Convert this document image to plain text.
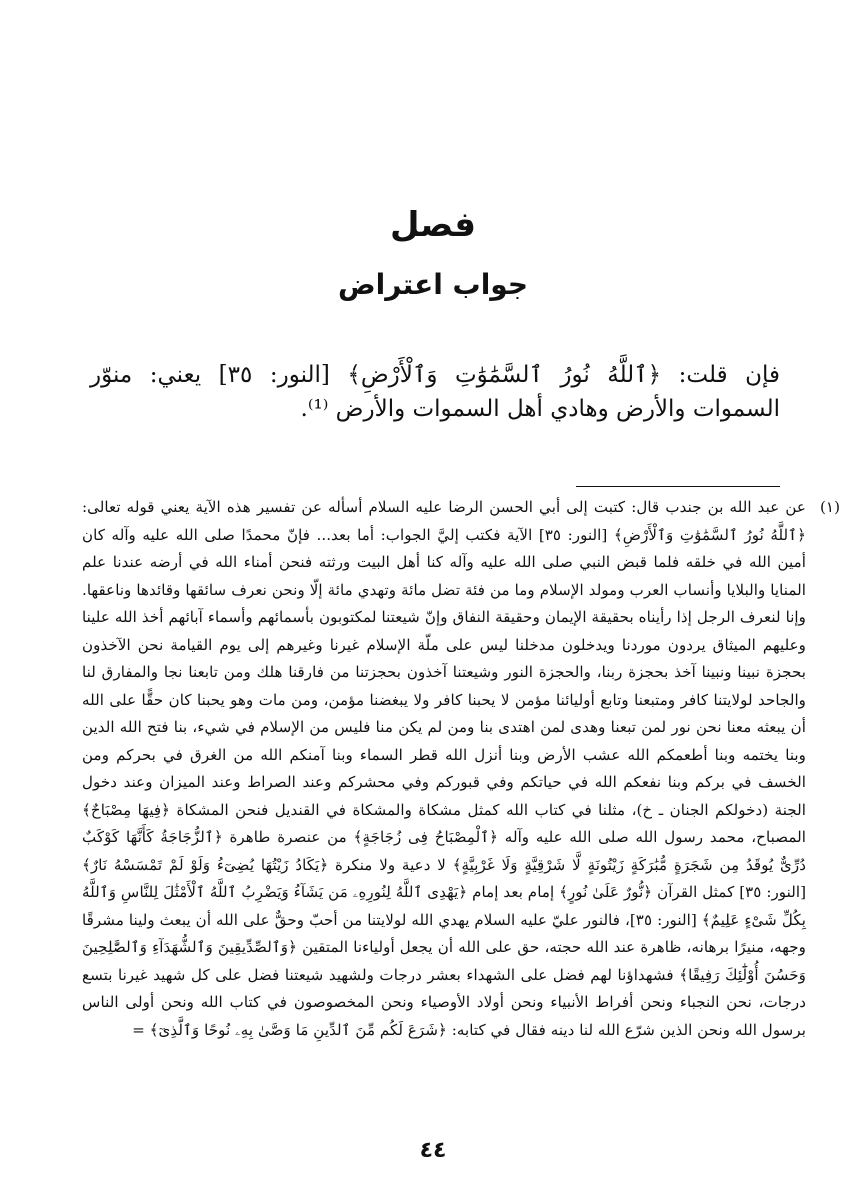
فصل
جواب اعتراض

فإن قلت: ﴿ٱللَّهُ نُورُ ٱلسَّمَٰوَٰتِ وَٱلْأَرْضِ﴾ [النور: ٣٥] يعني: منوّر السموات والأرض وهادي أهل السموات والأرض ⁽¹⁾.

(١)
عن عبد الله بن جندب قال: كتبت إلى أبي الحسن الرضا عليه السلام أسأله عن تفسير هذه الآية يعني قوله تعالى: ﴿ٱللَّهُ نُورُ ٱلسَّمَٰوَٰتِ وَٱلْأَرْضِ﴾ [النور: ٣٥] الآية فكتب إليَّ الجواب: أما بعد... فإنّ محمدًا صلى الله عليه وآله كان أمين الله في خلقه فلما قبض النبي صلى الله عليه وآله كنا أهل البيت ورثته فنحن أمناء الله في أرضه عندنا علم المنايا والبلايا وأنساب العرب ومولد الإسلام وما من فئة تضل مائة وتهدي مائة إلّا ونحن نعرف سائقها وقائدها وناعقها. وإنا لنعرف الرجل إذا رأيناه بحقيقة الإيمان وحقيقة النفاق وإنّ شيعتنا لمكتوبون بأسمائهم وأسماء آبائهم أخذ الله علينا وعليهم الميثاق يردون موردنا ويدخلون مدخلنا ليس على ملّة الإسلام غيرنا وغيرهم إلى يوم القيامة نحن الآخذون بحجزة نبينا ونبينا آخذ بحجزة ربنا، والحجزة النور وشيعتنا آخذون بحجزتنا من فارقنا هلك ومن تابعنا نجا والمفارق لنا والجاحد لولايتنا كافر ومتبعنا وتابع أوليائنا مؤمن لا يحبنا كافر ولا يبغضنا مؤمن، ومن مات وهو يحبنا كان حقًّا على الله أن يبعثه معنا نحن نور لمن تبعنا وهدى لمن اهتدى بنا ومن لم يكن منا فليس من الإسلام في شيء، بنا فتح الله الدين وبنا يختمه وبنا أطعمكم الله عشب الأرض وبنا أنزل الله قطر السماء وبنا آمنكم الله من الغرق في بحركم ومن الخسف في بركم وبنا نفعكم الله في حياتكم وفي قبوركم وفي محشركم وعند الصراط وعند الميزان وعند دخول الجنة (دخولكم الجنان ـ خ)، مثلنا في كتاب الله كمثل مشكاة والمشكاة في القنديل فنحن المشكاة ﴿فِيهَا مِصْبَاحٌ﴾ المصباح، محمد رسول الله صلى الله عليه وآله ﴿ٱلْمِصْبَاحُ فِى زُجَاجَةٍ﴾ من عنصرة طاهرة ﴿ٱلزُّجَاجَةُ كَأَنَّهَا كَوْكَبٌ دُرِّىٌّ يُوقَدُ مِن شَجَرَةٍ مُّبَٰرَكَةٍ زَيْتُونَةٍ لَّا شَرْقِيَّةٍ وَلَا غَرْبِيَّةٍ﴾ لا دعية ولا منكرة ﴿يَكَادُ زَيْتُهَا يُضِىٓءُ وَلَوْ لَمْ تَمْسَسْهُ نَارٌ﴾ [النور: ٣٥] كمثل القرآن ﴿نُّورٌ عَلَىٰ نُورٍ﴾ إمام بعد إمام ﴿يَهْدِى ٱللَّهُ لِنُورِهِۦ مَن يَشَآءُ وَيَضْرِبُ ٱللَّهُ ٱلْأَمْثَٰلَ لِلنَّاسِ وَٱللَّهُ بِكُلِّ شَىْءٍ عَلِيمٌ﴾ [النور: ٣٥]، فالنور عليّ عليه السلام يهدي الله لولايتنا من أحبّ وحقٌّ على الله أن يبعث ولينا مشرقًا وجهه، منيرًا برهانه، ظاهرة عند الله حجته، حق على الله أن يجعل أولياءنا المتقين ﴿وَٱلصِّدِّيقِينَ وَٱلشُّهَدَآءِ وَٱلصَّٰلِحِينَ وَحَسُنَ أُوْلَٰٓئِكَ رَفِيقًا﴾ فشهداؤنا لهم فضل على الشهداء بعشر درجات ولشهيد شيعتنا فضل على كل شهيد غيرنا بتسع درجات، نحن النجباء ونحن أفراط الأنبياء ونحن أولاد الأوصياء ونحن المخصوصون في كتاب الله ونحن أولى الناس برسول الله ونحن الذين شرّع الله لنا دينه فقال في كتابه: ﴿شَرَعَ لَكُم مِّنَ ٱلدِّينِ مَا وَصَّىٰ بِهِۦ نُوحًا وَٱلَّذِىٓ﴾ =
٤٤
